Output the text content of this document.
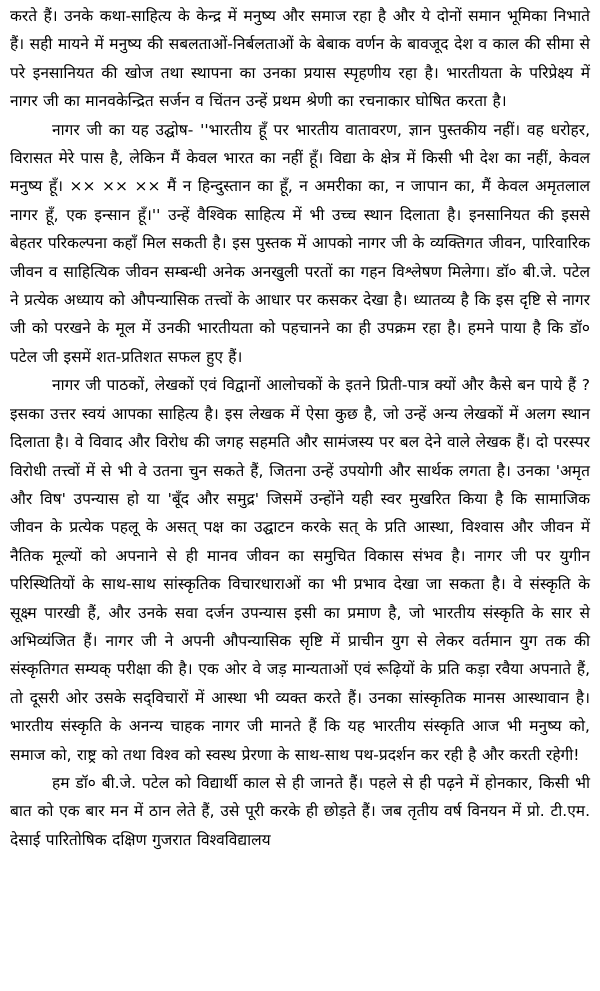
करते हैं। उनके कथा-साहित्य के केन्द्र में मनुष्य और समाज रहा है और ये दोनों समान भूमिका निभाते हैं। सही मायने में मनुष्य की सबलताओं-निर्बलताओं के बेबाक वर्णन के बावजूद देश व काल की सीमा से परे इनसानियत की खोज तथा स्थापना का उनका प्रयास स्पृहणीय रहा है। भारतीयता के परिप्रेक्ष्य में नागर जी का मानवकेन्द्रित सर्जन व चिंतन उन्हें प्रथम श्रेणी का रचनाकार घोषित करता है।

नागर जी का यह उद्घोष- ''भारतीय हूँ पर भारतीय वातावरण, ज्ञान पुस्तकीय नहीं। वह धरोहर, विरासत मेरे पास है, लेकिन मैं केवल भारत का नहीं हूँ। विद्या के क्षेत्र में किसी भी देश का नहीं, केवल मनुष्य हूँ। ×× ×× ×× मैं न हिन्दुस्तान का हूँ, न अमरीका का, न जापान का, मैं केवल अमृतलाल नागर हूँ, एक इन्सान हूँ।'' उन्हें वैश्विक साहित्य में भी उच्च स्थान दिलाता है। इनसानियत की इससे बेहतर परिकल्पना कहाँ मिल सकती है। इस पुस्तक में आपको नागर जी के व्यक्तिगत जीवन, पारिवारिक जीवन व साहित्यिक जीवन सम्बन्धी अनेक अनखुली परतों का गहन विश्लेषण मिलेगा। डॉ० बी.जे. पटेल ने प्रत्येक अध्याय को औपन्यासिक तत्त्वों के आधार पर कसकर देखा है। ध्यातव्य है कि इस दृष्टि से नागर जी को परखने के मूल में उनकी भारतीयता को पहचानने का ही उपक्रम रहा है। हमने पाया है कि डॉ० पटेल जी इसमें शत-प्रतिशत सफल हुए हैं।

नागर जी पाठकों, लेखकों एवं विद्वानों आलोचकों के इतने प्रिती-पात्र क्यों और कैसे बन पाये हैं ? इसका उत्तर स्वयं आपका साहित्य है। इस लेखक में ऐसा कुछ है, जो उन्हें अन्य लेखकों में अलग स्थान दिलाता है। वे विवाद और विरोध की जगह सहमति और सामंजस्य पर बल देने वाले लेखक हैं। दो परस्पर विरोधी तत्त्वों में से भी वे उतना चुन सकते हैं, जितना उन्हें उपयोगी और सार्थक लगता है। उनका 'अमृत और विष' उपन्यास हो या 'बूँद और समुद्र' जिसमें उन्होंने यही स्वर मुखरित किया है कि सामाजिक जीवन के प्रत्येक पहलू के असत् पक्ष का उद्घाटन करके सत् के प्रति आस्था, विश्वास और जीवन में नैतिक मूल्यों को अपनाने से ही मानव जीवन का समुचित विकास संभव है। नागर जी पर युगीन परिस्थितियों के साथ-साथ सांस्कृतिक विचारधाराओं का भी प्रभाव देखा जा सकता है। वे संस्कृति के सूक्ष्म पारखी हैं, और उनके सवा दर्जन उपन्यास इसी का प्रमाण है, जो भारतीय संस्कृति के सार से अभिव्यंजित हैं। नागर जी ने अपनी औपन्यासिक सृष्टि में प्राचीन युग से लेकर वर्तमान युग तक की संस्कृतिगत सम्यक् परीक्षा की है। एक ओर वे जड़ मान्यताओं एवं रूढ़ियों के प्रति कड़ा रवैया अपनाते हैं, तो दूसरी ओर उसके सद्‌विचारों में आस्था भी व्यक्त करते हैं। उनका सांस्कृतिक मानस आस्थावान है। भारतीय संस्कृति के अनन्य चाहक नागर जी मानते हैं कि यह भारतीय संस्कृति आज भी मनुष्य को, समाज को, राष्ट्र को तथा विश्व को स्वस्थ प्रेरणा के साथ-साथ पथ-प्रदर्शन कर रही है और करती रहेगी!

हम डॉ० बी.जे. पटेल को विद्यार्थी काल से ही जानते हैं। पहले से ही पढ़ने में होनकार, किसी भी बात को एक बार मन में ठान लेते हैं, उसे पूरी करके ही छोड़ते हैं। जब तृतीय वर्ष विनयन में प्रो. टी.एम. देसाई पारितोषिक दक्षिण गुजरात विश्वविद्यालय
